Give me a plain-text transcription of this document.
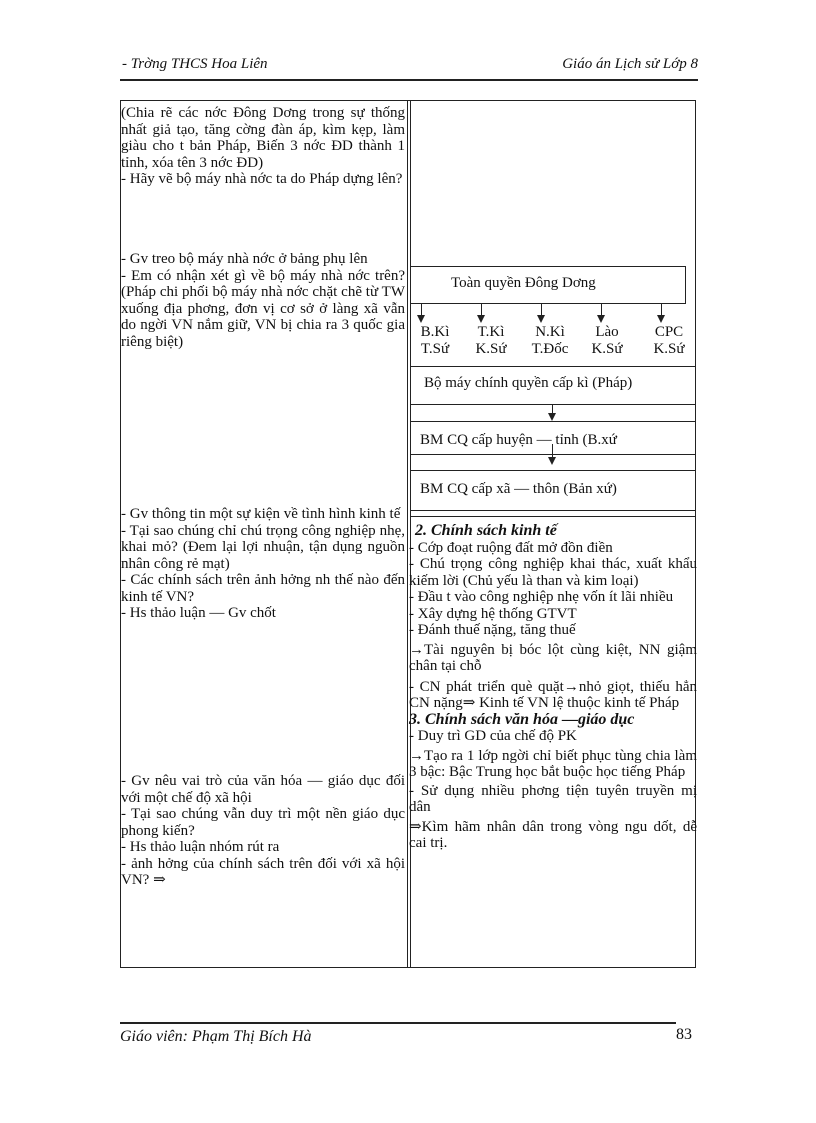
- Trờng THCS Hoa Liên	Giáo án Lịch sử Lớp 8

(Chia rẽ các nớc Đông Dơng trong sự thống nhất giả tạo, tăng cờng đàn áp, kìm kẹp, làm giàu cho t bản Pháp, Biến 3 nớc ĐD thành 1 tỉnh, xóa tên 3 nớc ĐD)

- Hãy vẽ bộ máy nhà nớc ta do Pháp dựng lên?

- Gv treo bộ máy nhà nớc ở bảng phụ lên

- Em có nhận xét gì về bộ máy nhà nớc trên? (Pháp chi phối bộ máy nhà nớc chặt chẽ từ TW xuống địa phơng, đơn vị cơ sở ở làng xã vẫn do ngời VN nắm giữ, VN bị chia ra 3 quốc gia riêng biệt)

- Gv thông tin một sự kiện về tình hình kinh tế

- Tại sao chúng chỉ chú trọng công nghiệp nhẹ, khai mỏ? (Đem lại lợi nhuận, tận dụng nguồn nhân công rẻ mạt)

- Các chính sách trên ảnh hởng nh thế nào đến kinh tế VN?

- Hs thảo luận — Gv chốt

- Gv nêu vai trò của văn hóa — giáo dục đối với một chế độ xã hội

- Tại sao chúng vẫn duy trì một nền giáo dục phong kiến?

- Hs thảo luận nhóm rút ra

- ảnh hởng của chính sách trên đối với xã hội VN? ⇒

Toàn quyền Đông Dơng
B.Kì
T.Sứ
T.Kì
K.Sứ
N.Kì
T.Đốc
Lào
K.Sứ
CPC
K.Sứ
Bộ máy chính quyền cấp kì (Pháp)
BM CQ cấp huyện — tỉnh (B.xứ
BM CQ cấp xã — thôn (Bản xứ)
2. Chính sách kinh tế

- Cớp đoạt ruộng đất mở đồn điền

- Chú trọng công nghiệp khai thác, xuất khẩu kiếm lời (Chủ yếu là than và kim loại)

- Đầu t vào công nghiệp nhẹ vốn ít lãi nhiều

- Xây dựng hệ thống GTVT

- Đánh thuế nặng, tăng thuế

→Tài nguyên bị bóc lột cùng kiệt, NN giậm chân tại chỗ

- CN phát triển què quặt→nhỏ giọt, thiếu hẳn CN nặng⇒ Kinh tế VN lệ thuộc kinh tế Pháp

3. Chính sách văn hóa —giáo dục

- Duy trì GD của chế độ PK

→Tạo ra 1 lớp ngời chỉ biết phục tùng chia làm 3 bậc: Bậc Trung học bắt buộc học tiếng Pháp

- Sử dụng nhiều phơng tiện tuyên truyền mị dân

⇒Kìm hãm nhân dân trong vòng ngu dốt, dễ cai trị.

Giáo viên: Phạm Thị Bích Hà	83
